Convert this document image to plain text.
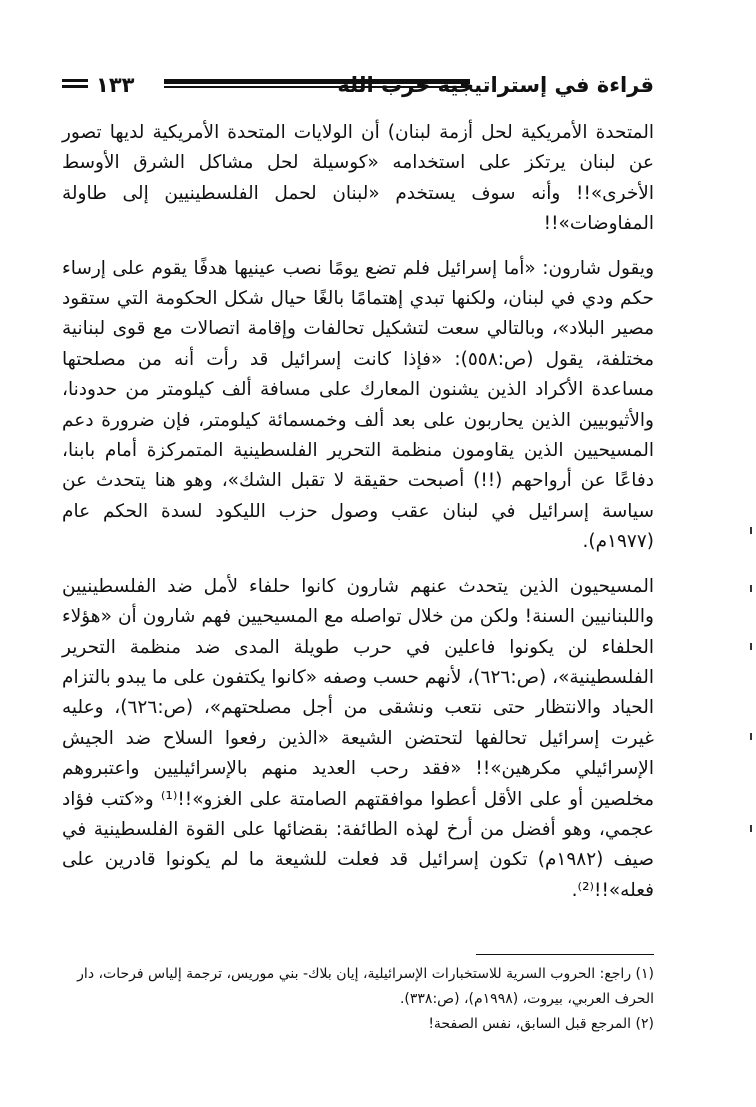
١٣٣	قراءة في إستراتيجية حزب الله

المتحدة الأمريكية لحل أزمة لبنان) أن الولايات المتحدة الأمريكية لديها تصور عن لبنان يرتكز على استخدامه «كوسيلة لحل مشاكل الشرق الأوسط الأخرى»!! وأنه سوف يستخدم «لبنان لحمل الفلسطينيين إلى طاولة المفاوضات»!!

ويقول شارون: «أما إسرائيل فلم تضع يومًا نصب عينيها هدفًا يقوم على إرساء حكم ودي في لبنان، ولكنها تبدي إهتمامًا بالغًا حيال شكل الحكومة التي ستقود مصير البلاد»، وبالتالي سعت لتشكيل تحالفات وإقامة اتصالات مع قوى لبنانية مختلفة، يقول (ص:٥٥٨): «فإذا كانت إسرائيل قد رأت أنه من مصلحتها مساعدة الأكراد الذين يشنون المعارك على مسافة ألف كيلومتر من حدودنا، والأثيوبيين الذين يحاربون على بعد ألف وخمسمائة كيلومتر، فإن ضرورة دعم المسيحيين الذين يقاومون منظمة التحرير الفلسطينية المتمركزة أمام بابنا، دفاعًا عن أرواحهم (!!) أصبحت حقيقة لا تقبل الشك»، وهو هنا يتحدث عن سياسة إسرائيل في لبنان عقب وصول حزب الليكود لسدة الحكم عام (١٩٧٧م).

المسيحيون الذين يتحدث عنهم شارون كانوا حلفاء لأمل ضد الفلسطينيين واللبنانيين السنة! ولكن من خلال تواصله مع المسيحيين فهم شارون أن «هؤلاء الحلفاء لن يكونوا فاعلين في حرب طويلة المدى ضد منظمة التحرير الفلسطينية»، (ص:٦٢٦)، لأنهم حسب وصفه «كانوا يكتفون على ما يبدو بالتزام الحياد والانتظار حتى نتعب ونشقى من أجل مصلحتهم»، (ص:٦٢٦)، وعليه غيرت إسرائيل تحالفها لتحتضن الشيعة «الذين رفعوا السلاح ضد الجيش الإسرائيلي مكرهين»!! «فقد رحب العديد منهم بالإسرائيليين واعتبروهم مخلصين أو على الأقل أعطوا موافقتهم الصامتة على الغزو»!!⁽¹⁾ و«كتب فؤاد عجمي، وهو أفضل من أرخ لهذه الطائفة: بقضائها على القوة الفلسطينية في صيف (١٩٨٢م) تكون إسرائيل قد فعلت للشيعة ما لم يكونوا قادرين على فعله»!!⁽²⁾.

(١) راجع: الحروب السرية للاستخبارات الإسرائيلية، إيان بلاك- بني موريس، ترجمة إلياس فرحات، دار الحرف العربي، بيروت، (١٩٩٨م)، (ص:٣٣٨).

(٢) المرجع قبل السابق، نفس الصفحة!
